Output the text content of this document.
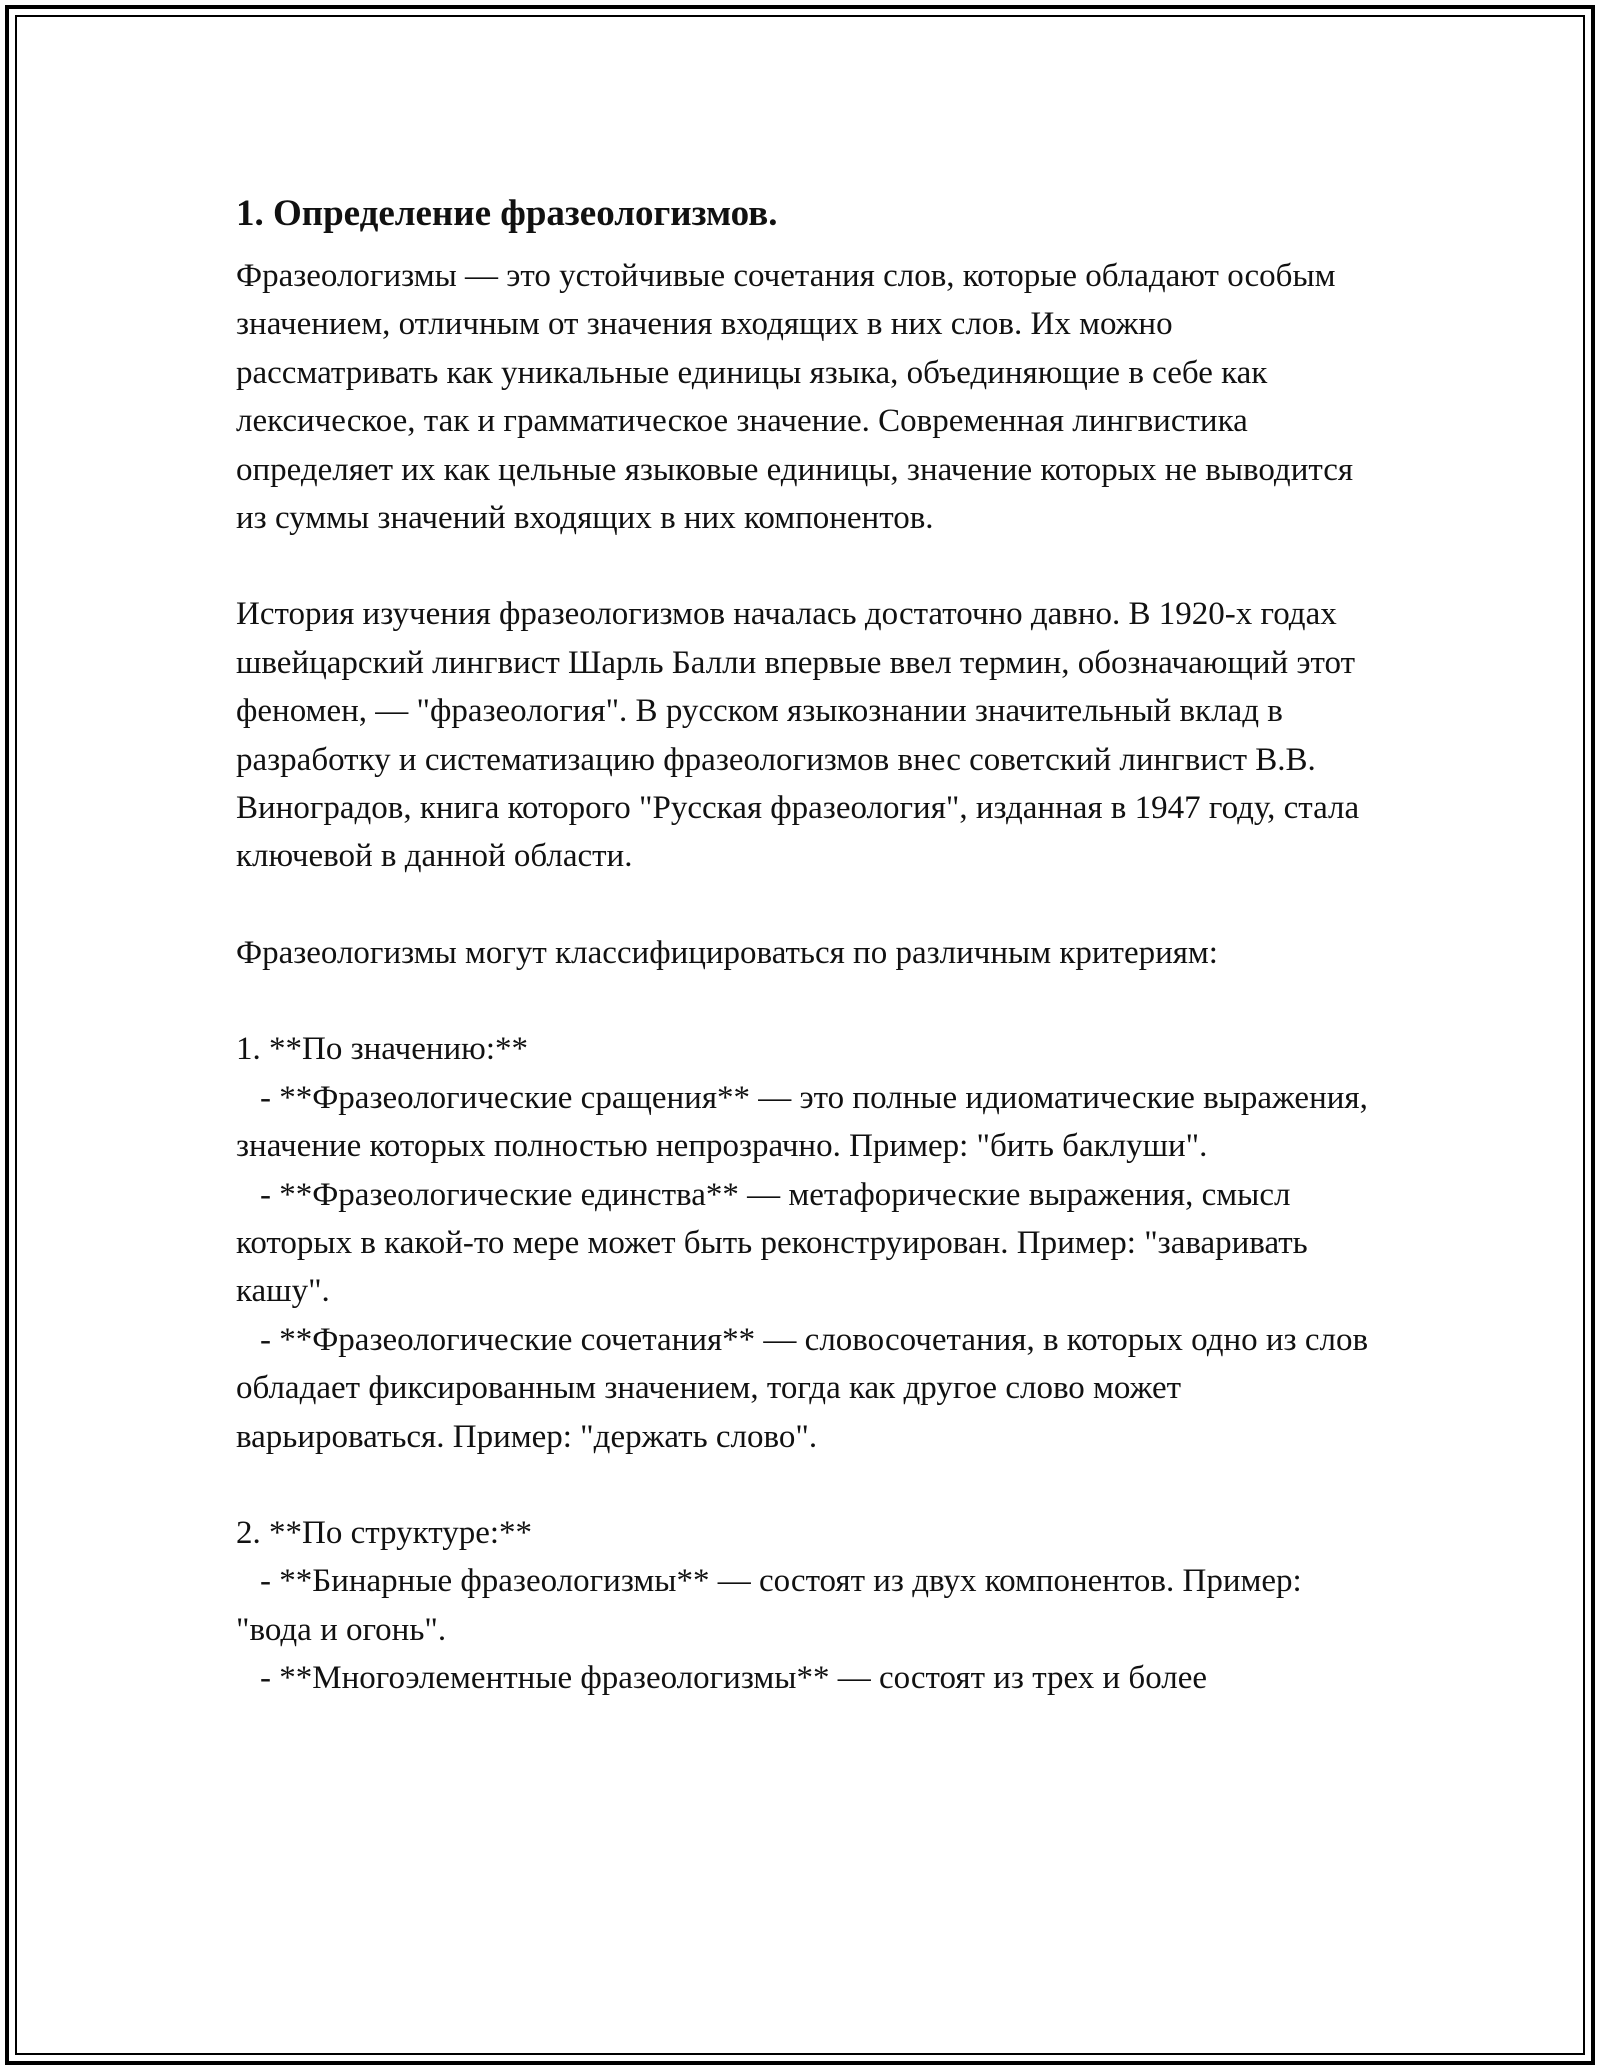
1. Определение фразеологизмов.

Фразеологизмы — это устойчивые сочетания слов, которые обладают особым значением, отличным от значения входящих в них слов. Их можно рассматривать как уникальные единицы языка, объединяющие в себе как лексическое, так и грамматическое значение. Современная лингвистика определяет их как цельные языковые единицы, значение которых не выводится из суммы значений входящих в них компонентов.

История изучения фразеологизмов началась достаточно давно. В 1920-х годах швейцарский лингвист Шарль Балли впервые ввел термин, обозначающий этот феномен, — "фразеология". В русском языкознании значительный вклад в разработку и систематизацию фразеологизмов внес советский лингвист В.В. Виноградов, книга которого "Русская фразеология", изданная в 1947 году, стала ключевой в данной области.

Фразеологизмы могут классифицироваться по различным критериям:

1. **По значению:**

- **Фразеологические сращения** — это полные идиоматические выражения, значение которых полностью непрозрачно. Пример: "бить баклуши".

- **Фразеологические единства** — метафорические выражения, смысл которых в какой-то мере может быть реконструирован. Пример: "заваривать кашу".

- **Фразеологические сочетания** — словосочетания, в которых одно из слов обладает фиксированным значением, тогда как другое слово может варьироваться. Пример: "держать слово".

2. **По структуре:**

- **Бинарные фразеологизмы** — состоят из двух компонентов. Пример: "вода и огонь".

- **Многоэлементные фразеологизмы** — состоят из трех и более
